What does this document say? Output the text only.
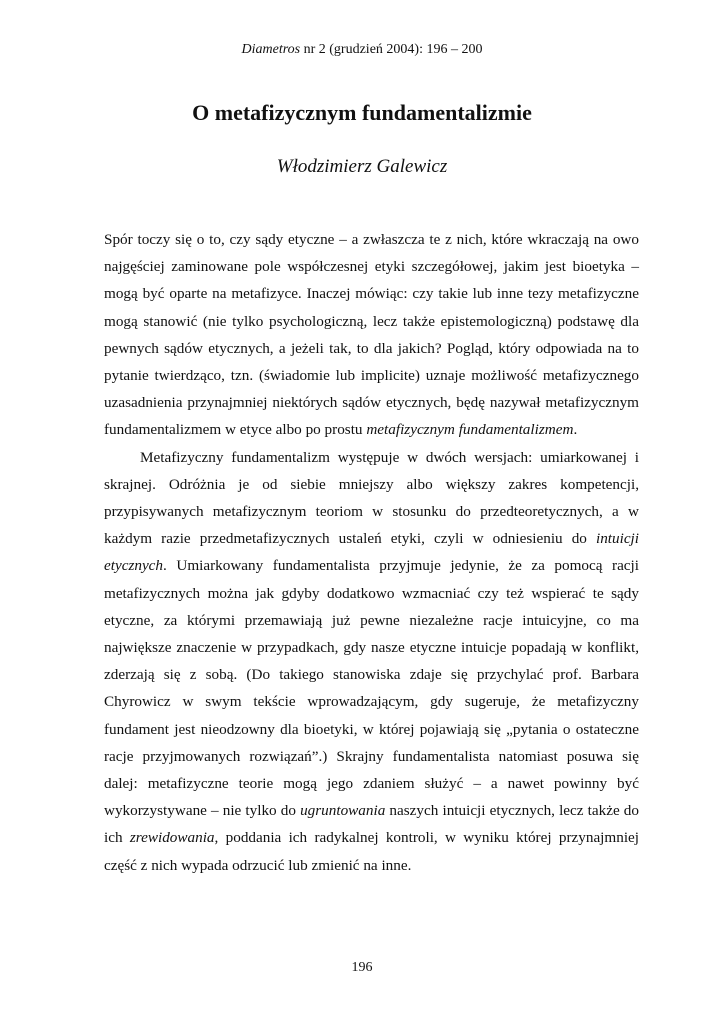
Diametros nr 2 (grudzień 2004): 196 – 200
O metafizycznym fundamentalizmie
Włodzimierz Galewicz

Spór toczy się o to, czy sądy etyczne – a zwłaszcza te z nich, które wkraczają na owo najgęściej zaminowane pole współczesnej etyki szczegółowej, jakim jest bioetyka – mogą być oparte na metafizyce. Inaczej mówiąc: czy takie lub inne tezy metafizyczne mogą stanowić (nie tylko psychologiczną, lecz także epistemologiczną) podstawę dla pewnych sądów etycznych, a jeżeli tak, to dla jakich? Pogląd, który odpowiada na to pytanie twierdząco, tzn. (świadomie lub implicite) uznaje możliwość metafizycznego uzasadnienia przynajmniej niektórych sądów etycznych, będę nazywał metafizycznym fundamentalizmem w etyce albo po prostu metafizycznym fundamentalizmem.

Metafizyczny fundamentalizm występuje w dwóch wersjach: umiarkowanej i skrajnej. Odróżnia je od siebie mniejszy albo większy zakres kompetencji, przypisywanych metafizycznym teoriom w stosunku do przedteoretycznych, a w każdym razie przedmetafizycznych ustaleń etyki, czyli w odniesieniu do intuicji etycznych. Umiarkowany fundamentalista przyjmuje jedynie, że za pomocą racji metafizycznych można jak gdyby dodatkowo wzmacniać czy też wspierać te sądy etyczne, za którymi przemawiają już pewne niezależne racje intuicyjne, co ma największe znaczenie w przypadkach, gdy nasze etyczne intuicje popadają w konflikt, zderzają się z sobą. (Do takiego stanowiska zdaje się przychylać prof. Barbara Chyrowicz w swym tekście wprowadzającym, gdy sugeruje, że metafizyczny fundament jest nieodzowny dla bioetyki, w której pojawiają się „pytania o ostateczne racje przyjmowanych rozwiązań”.) Skrajny fundamentalista natomiast posuwa się dalej: metafizyczne teorie mogą jego zdaniem służyć – a nawet powinny być wykorzystywane – nie tylko do ugruntowania naszych intuicji etycznych, lecz także do ich zrewidowania, poddania ich radykalnej kontroli, w wyniku której przynajmniej część z nich wypada odrzucić lub zmienić na inne.

196
